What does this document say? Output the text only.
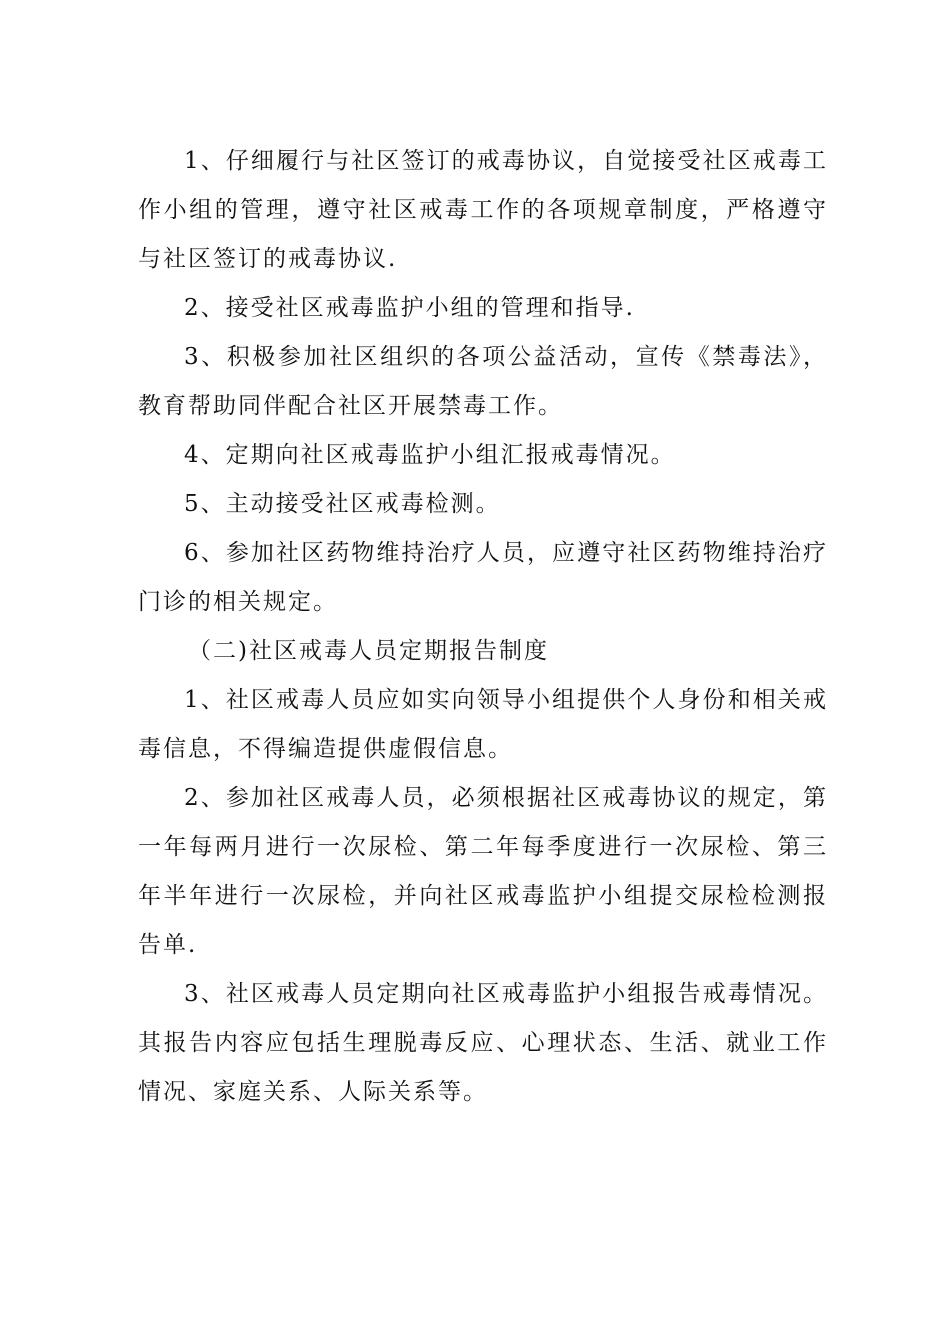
1、仔细履行与社区签订的戒毒协议，自觉接受社区戒毒工作小组的管理，遵守社区戒毒工作的各项规章制度，严格遵守与社区签订的戒毒协议.

2、接受社区戒毒监护小组的管理和指导.

3、积极参加社区组织的各项公益活动，宣传《禁毒法》，教育帮助同伴配合社区开展禁毒工作。

4、定期向社区戒毒监护小组汇报戒毒情况。

5、主动接受社区戒毒检测。

6、参加社区药物维持治疗人员，应遵守社区药物维持治疗门诊的相关规定。

（二)社区戒毒人员定期报告制度

1、社区戒毒人员应如实向领导小组提供个人身份和相关戒毒信息，不得编造提供虚假信息。

2、参加社区戒毒人员，必须根据社区戒毒协议的规定，第一年每两月进行一次尿检、第二年每季度进行一次尿检、第三年半年进行一次尿检，并向社区戒毒监护小组提交尿检检测报告单.

3、社区戒毒人员定期向社区戒毒监护小组报告戒毒情况。其报告内容应包括生理脱毒反应、心理状态、生活、就业工作情况、家庭关系、人际关系等。
